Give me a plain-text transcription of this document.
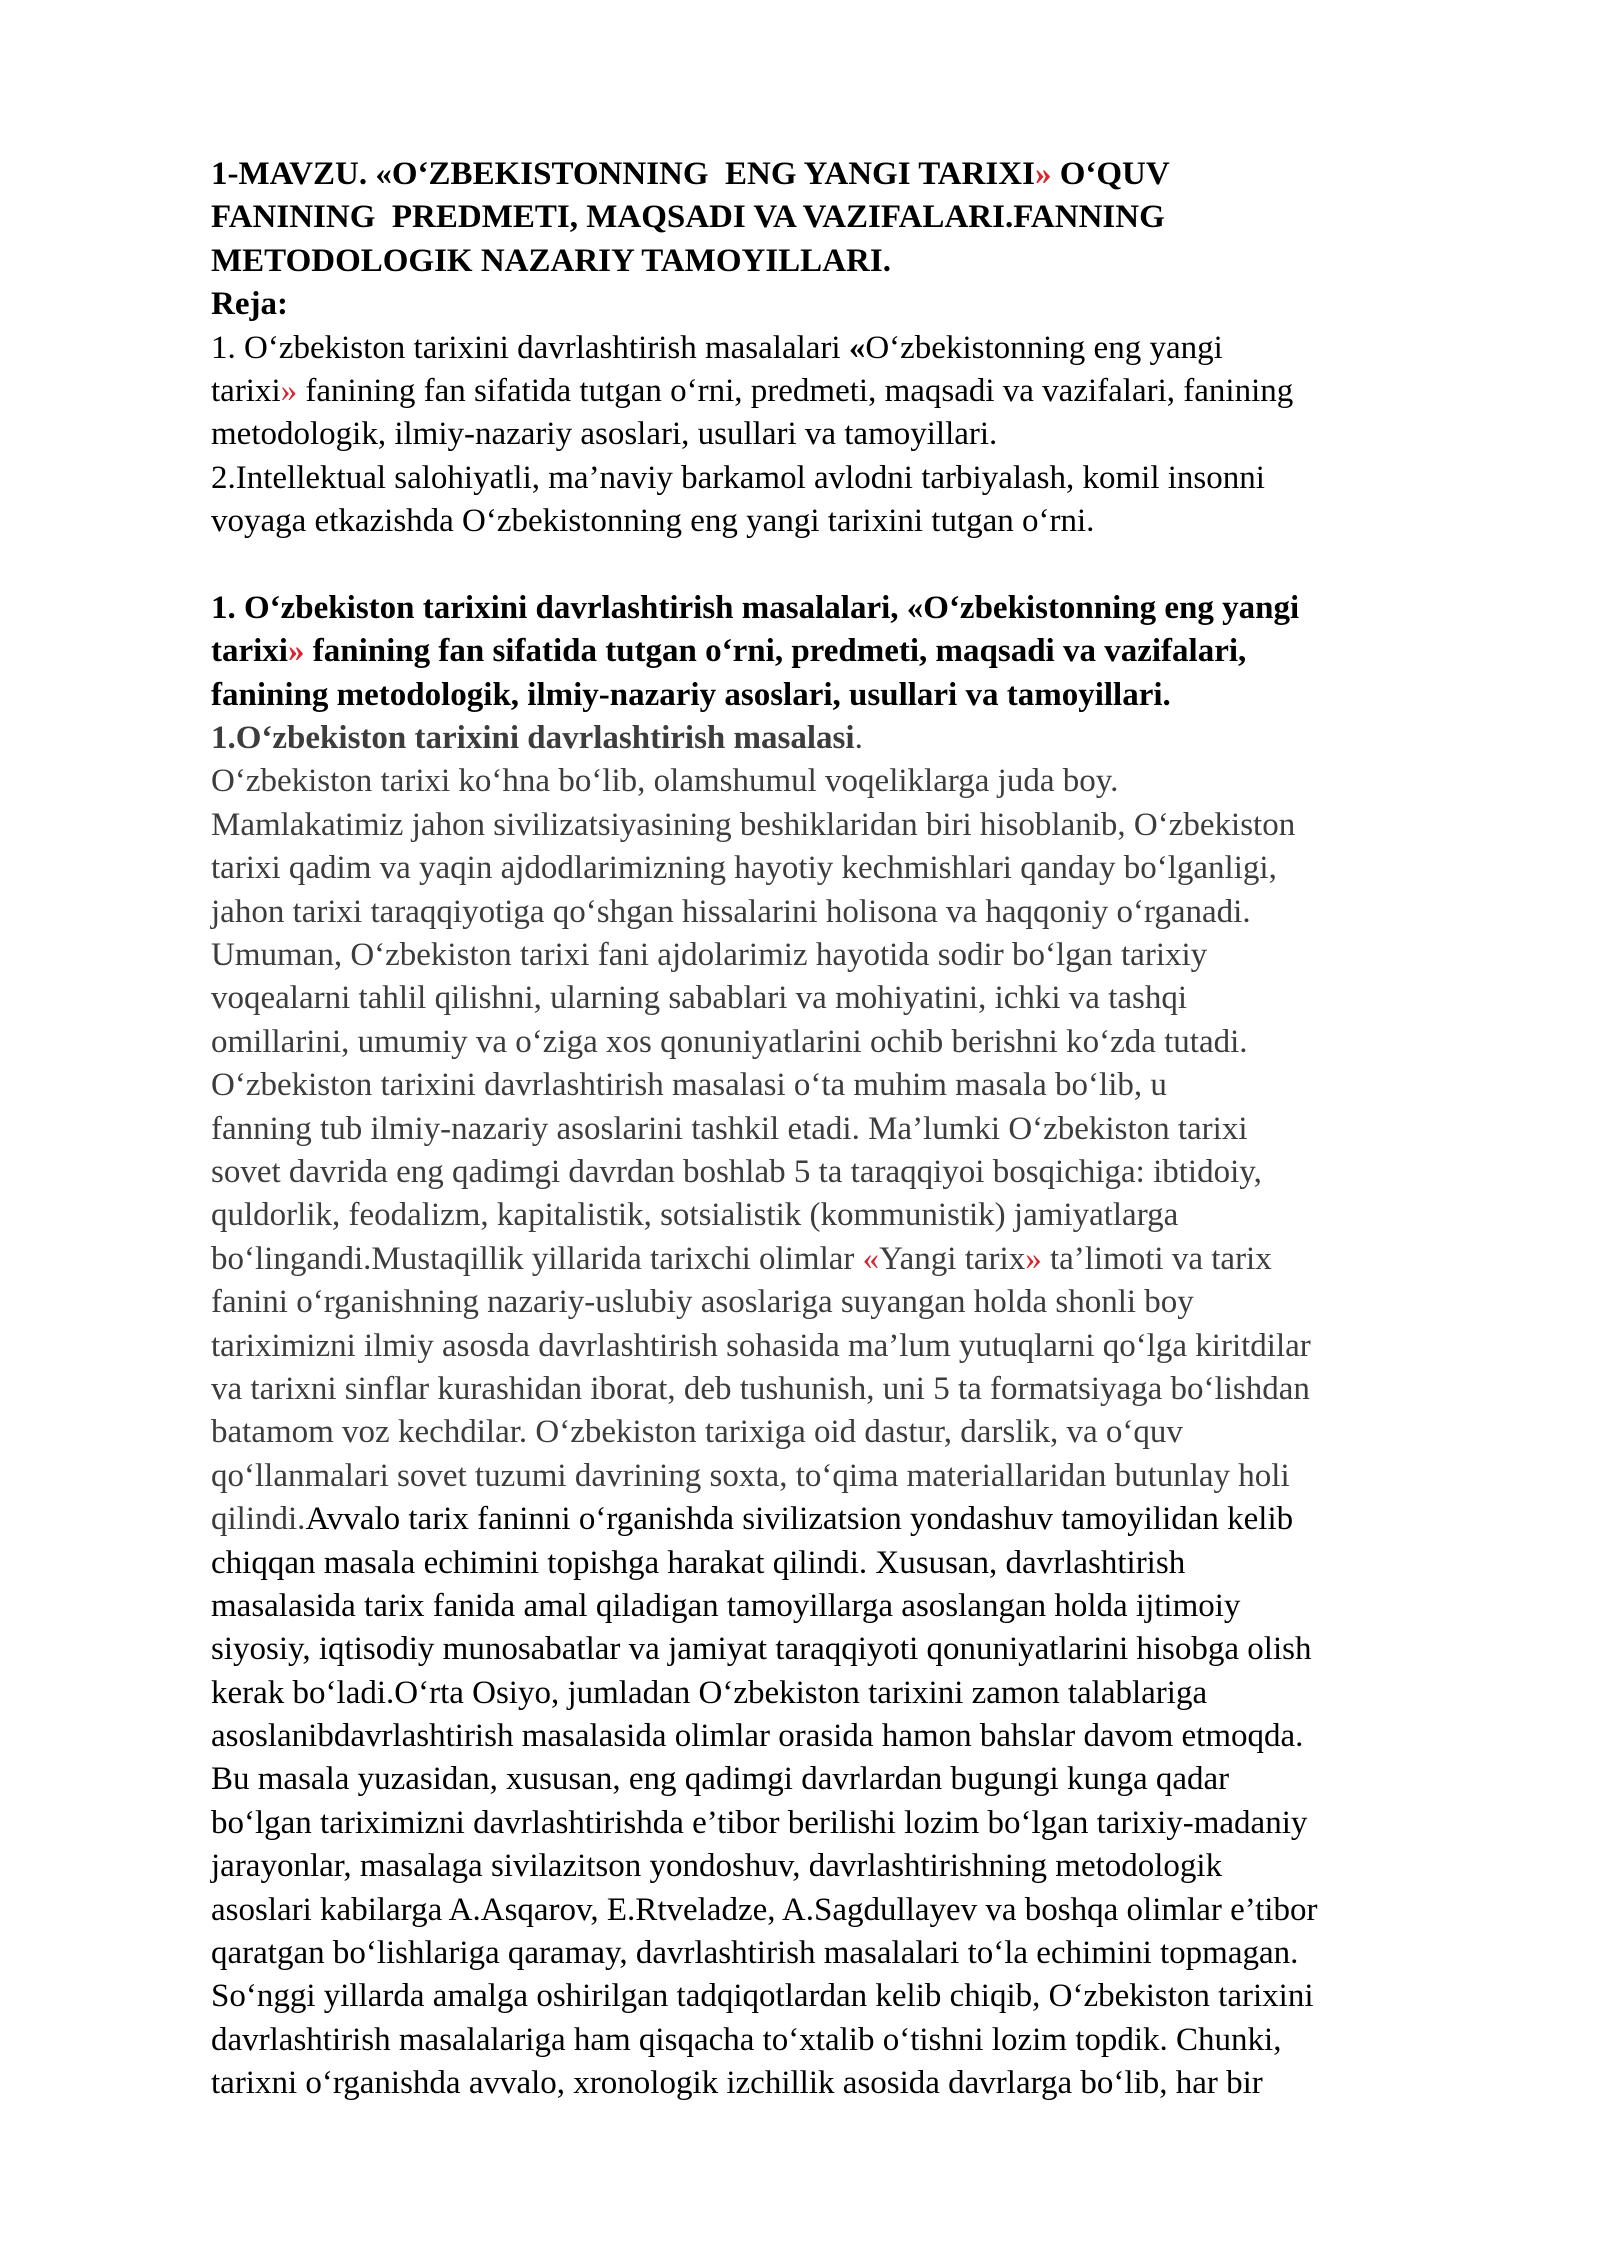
1-MAVZU. «O‘ZBEKISTONNING  ENG YANGI TARIXI» O‘QUV
FANINING  PREDMETI, MAQSADI VA VAZIFALARI.FANNING
METODOLOGIK NAZARIY TAMOYILLARI.
Reja:
1. O‘zbekiston tarixini davrlashtirish masalalari «O‘zbekistonning eng yangi
tarixi» fanining fan sifatida tutgan o‘rni, predmeti, maqsadi va vazifalari, fanining
metodologik, ilmiy-nazariy asoslari, usullari va tamoyillari.
2.Intellektual salohiyatli, ma’naviy barkamol avlodni tarbiyalash, komil insonni
voyaga etkazishda O‘zbekistonning eng yangi tarixini tutgan o‘rni.
1. O‘zbekiston tarixini davrlashtirish masalalari, «O‘zbekistonning eng yangi
tarixi» fanining fan sifatida tutgan o‘rni, predmeti, maqsadi va vazifalari,
fanining metodologik, ilmiy-nazariy asoslari, usullari va tamoyillari.
1.O‘zbekiston tarixini davrlashtirish masalasi.
O‘zbekiston tarixi ko‘hna bo‘lib, olamshumul voqeliklarga juda boy.
Mamlakatimiz jahon sivilizatsiyasining beshiklaridan biri hisoblanib, O‘zbekiston
tarixi qadim va yaqin ajdodlarimizning hayotiy kechmishlari qanday bo‘lganligi,
jahon tarixi taraqqiyotiga qo‘shgan hissalarini holisona va haqqoniy o‘rganadi.
Umuman, O‘zbekiston tarixi fani ajdolarimiz hayotida sodir bo‘lgan tarixiy
voqealarni tahlil qilishni, ularning sabablari va mohiyatini, ichki va tashqi
omillarini, umumiy va o‘ziga xos qonuniyatlarini ochib berishni ko‘zda tutadi.
O‘zbekiston tarixini davrlashtirish masalasi o‘ta muhim masala bo‘lib, u
fanning tub ilmiy-nazariy asoslarini tashkil etadi. Ma’lumki O‘zbekiston tarixi
sovet davrida eng qadimgi davrdan boshlab 5 ta taraqqiyoi bosqichiga: ibtidoiy,
quldorlik, feodalizm, kapitalistik, sotsialistik (kommunistik) jamiyatlarga
bo‘lingandi.Mustaqillik yillarida tarixchi olimlar «Yangi tarix» ta’limoti va tarix
fanini o‘rganishning nazariy-uslubiy asoslariga suyangan holda shonli boy
tariximizni ilmiy asosda davrlashtirish sohasida ma’lum yutuqlarni qo‘lga kiritdilar
va tarixni sinflar kurashidan iborat, deb tushunish, uni 5 ta formatsiyaga bo‘lishdan
batamom voz kechdilar. O‘zbekiston tarixiga oid dastur, darslik, va o‘quv
qo‘llanmalari sovet tuzumi davrining soxta, to‘qima materiallaridan butunlay holi
qilindi.Avvalo tarix faninni o‘rganishda sivilizatsion yondashuv tamoyilidan kelib
chiqqan masala echimini topishga harakat qilindi. Xususan, davrlashtirish
masalasida tarix fanida amal qiladigan tamoyillarga asoslangan holda ijtimoiy
siyosiy, iqtisodiy munosabatlar va jamiyat taraqqiyoti qonuniyatlarini hisobga olish
kerak bo‘ladi.O‘rta Osiyo, jumladan O‘zbekiston tarixini zamon talablariga
asoslanibdavrlashtirish masalasida olimlar orasida hamon bahslar davom etmoqda.
Bu masala yuzasidan, xususan, eng qadimgi davrlardan bugungi kunga qadar
bo‘lgan tariximizni davrlashtirishda e’tibor berilishi lozim bo‘lgan tarixiy-madaniy
jarayonlar, masalaga sivilazitson yondoshuv, davrlashtirishning metodologik
asoslari kabilarga A.Asqarov, E.Rtveladze, A.Sagdullayev va boshqa olimlar e’tibor
qaratgan bo‘lishlariga qaramay, davrlashtirish masalalari to‘la echimini topmagan.
So‘nggi yillarda amalga oshirilgan tadqiqotlardan kelib chiqib, O‘zbekiston tarixini
davrlashtirish masalalariga ham qisqacha to‘xtalib o‘tishni lozim topdik. Chunki,
tarixni o‘rganishda avvalo, xronologik izchillik asosida davrlarga bo‘lib, har bir
